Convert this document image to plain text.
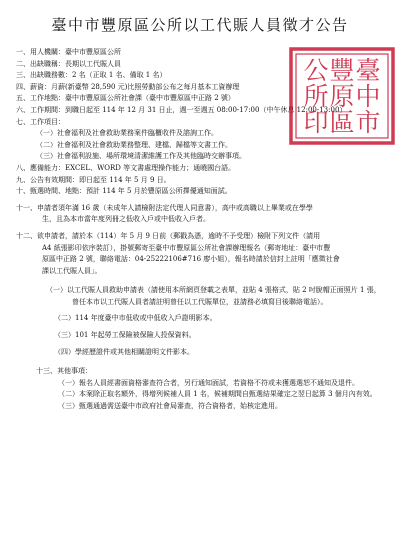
臺中市豐原區公所以工代賑人員徵才公告
一、用人機關：臺中市豐原區公所
二、出缺職稱：長期以工代賑人員
三、出缺職務數：2 名（正取 1 名、備取 1 名）
四、薪資：月薪(新臺幣 28,590 元)比照勞動部公布之每月基本工資辦理
五、工作地點：臺中市豐原區公所社會課（臺中市豐原區中正路 2 號）
六、工作期間：到職日起至 114 年 12 月 31 日止，週一至週五 08:00-17:00（中午休息 12:00-13:00）
七、工作項目：
（一）社會福利及社會救助業務案件臨櫃收件及諮詢工作。
（二）社會福利及社會救助業務整理、建檔、歸檔等文書工作。
（三）社會福利設施、場所環境清潔維護工作及其他臨時交辦事項。
八、應備能力：EXCEL、WORD 等文書處理操作能力；通曉國台語。
九、公告有效期間：即日起至 114 年 5 月 9 日。
十、甄選時間、地點：預計 114 年 5 月於豐原區公所擇優通知面試。
十一、申請者須年滿 16 歲（未成年人請檢附法定代理人同意書），高中或高職以上畢業或在學學
生，且為本市當年度列冊之低收入戶或中低收入戶者。
十二、欲申請者，請於本（114）年 5 月 9 日前（郵戳為憑，逾時不予受理）檢附下列文件（請用
A4 紙張影印依序裝訂），掛號郵寄至臺中市豐原區公所社會課辦理報名（郵寄地址：臺中市豐
原區中正路 2 號，聯絡電話：04-25222106#716 廖小姐），報名時請於信封上註明「應徵社會
課以工代賑人員」。
（一）以工代賑人員救助申請表（請使用本所網頁登載之表單，並貼 4 張格式，貼 2 吋脫帽正面照片 1 張，曾任本市以工代賑人員者請註明曾任以工代賑單位，並請務必填寫目後聯絡電話）。
（二）114 年度臺中市低收或中低收入戶證明影本。
（三）101 年起勞工保險被保險人投保資料。
（四）學經歷證件或其他相關證明文件影本。
十三、其他事項：
（一）報名人員經書面資格審查符合者，另行通知面試，若資格不符或未獲選選恕不通知及退件。
（二）本案除正取名額外，得增列候補人員 1 名，候補期間自甄選結果確定之翌日起算 3 個月內有效。
（三）甄選通過需送臺中市政府社會局審查，符合資格者，始核定進用。
臺
中
市
豐
原
區
公
所
印
